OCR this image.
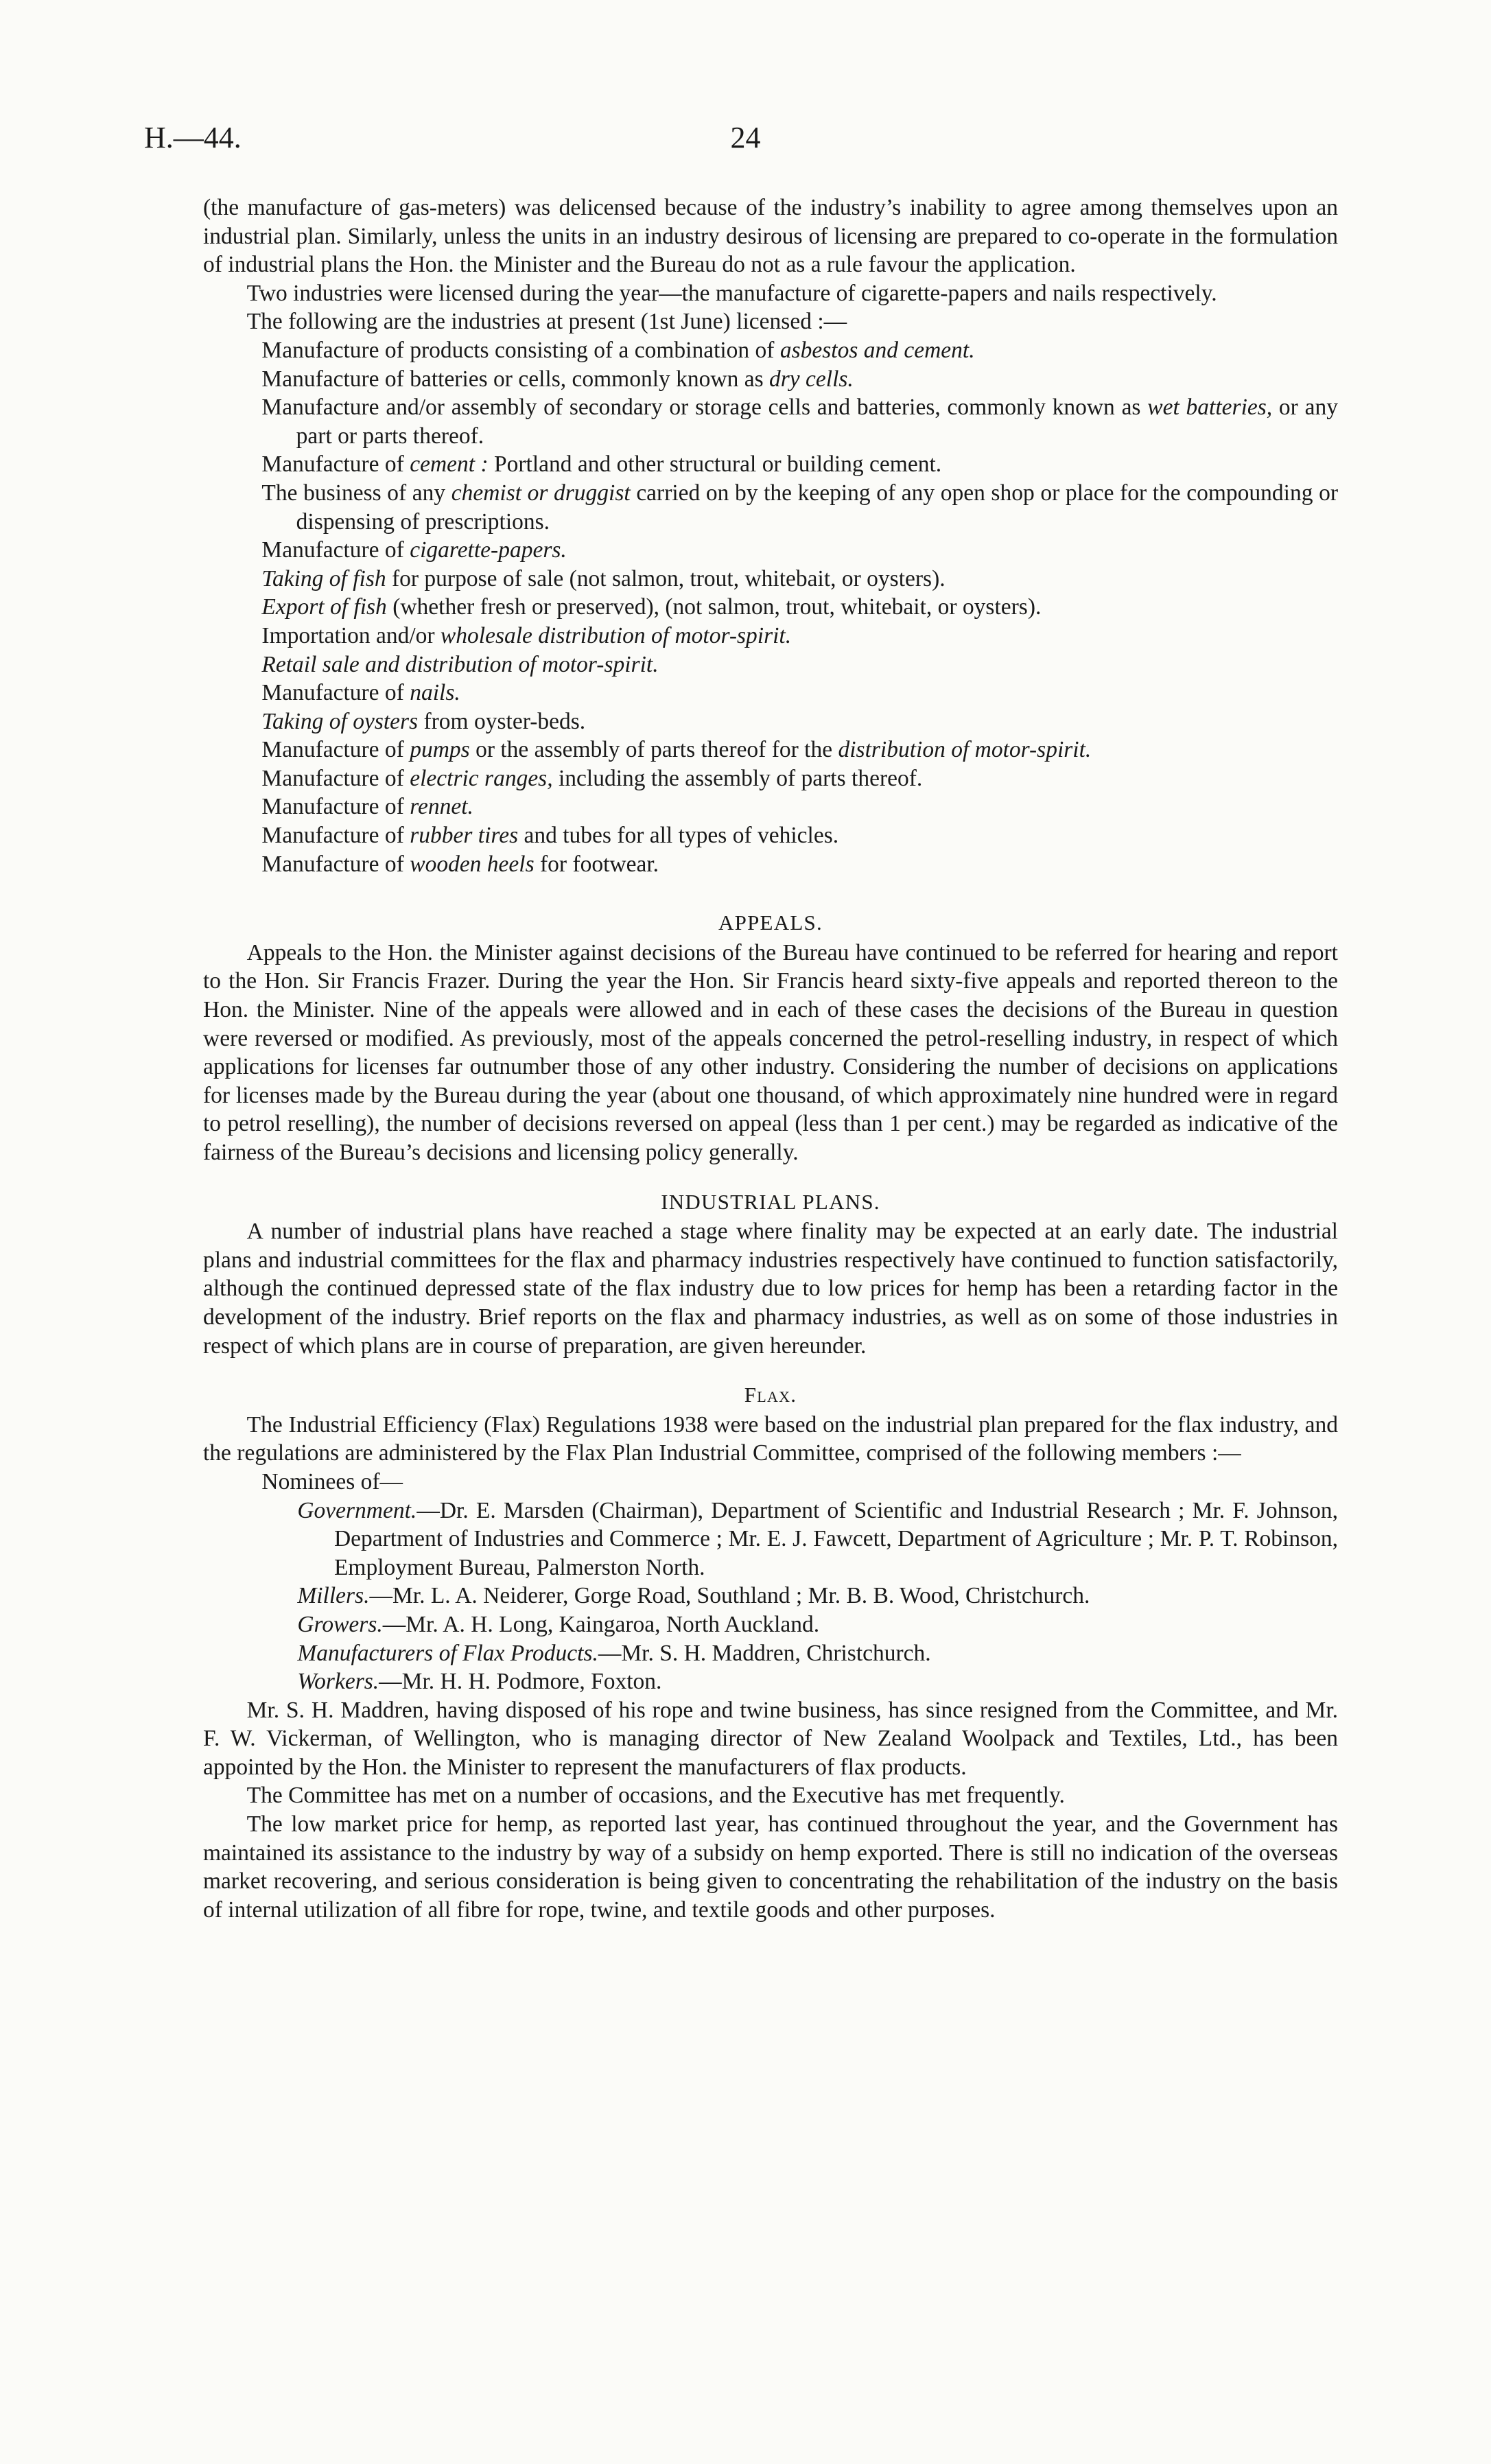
H.—44.	24

(the manufacture of gas-meters) was delicensed because of the industry’s inability to agree among themselves upon an industrial plan. Similarly, unless the units in an industry desirous of licensing are prepared to co-operate in the formulation of industrial plans the Hon. the Minister and the Bureau do not as a rule favour the application.

Two industries were licensed during the year—the manufacture of cigarette-papers and nails respectively.

The following are the industries at present (1st June) licensed :—

Manufacture of products consisting of a combination of asbestos and cement.
Manufacture of batteries or cells, commonly known as dry cells.
Manufacture and/or assembly of secondary or storage cells and batteries, commonly known as wet batteries, or any part or parts thereof.
Manufacture of cement : Portland and other structural or building cement.
The business of any chemist or druggist carried on by the keeping of any open shop or place for the compounding or dispensing of prescriptions.
Manufacture of cigarette-papers.
Taking of fish for purpose of sale (not salmon, trout, whitebait, or oysters).
Export of fish (whether fresh or preserved), (not salmon, trout, whitebait, or oysters).
Importation and/or wholesale distribution of motor-spirit.
Retail sale and distribution of motor-spirit.
Manufacture of nails.
Taking of oysters from oyster-beds.
Manufacture of pumps or the assembly of parts thereof for the distribution of motor-spirit.
Manufacture of electric ranges, including the assembly of parts thereof.
Manufacture of rennet.
Manufacture of rubber tires and tubes for all types of vehicles.
Manufacture of wooden heels for footwear.
APPEALS.

Appeals to the Hon. the Minister against decisions of the Bureau have continued to be referred for hearing and report to the Hon. Sir Francis Frazer. During the year the Hon. Sir Francis heard sixty-five appeals and reported thereon to the Hon. the Minister. Nine of the appeals were allowed and in each of these cases the decisions of the Bureau in question were reversed or modified. As previously, most of the appeals concerned the petrol-reselling industry, in respect of which applications for licenses far outnumber those of any other industry. Considering the number of decisions on applications for licenses made by the Bureau during the year (about one thousand, of which approximately nine hundred were in regard to petrol reselling), the number of decisions reversed on appeal (less than 1 per cent.) may be regarded as indicative of the fairness of the Bureau’s decisions and licensing policy generally.

INDUSTRIAL PLANS.

A number of industrial plans have reached a stage where finality may be expected at an early date. The industrial plans and industrial committees for the flax and pharmacy industries respectively have continued to function satisfactorily, although the continued depressed state of the flax industry due to low prices for hemp has been a retarding factor in the development of the industry. Brief reports on the flax and pharmacy industries, as well as on some of those industries in respect of which plans are in course of preparation, are given hereunder.

Flax.

The Industrial Efficiency (Flax) Regulations 1938 were based on the industrial plan prepared for the flax industry, and the regulations are administered by the Flax Plan Industrial Committee, comprised of the following members :—

Nominees of—
Government.—Dr. E. Marsden (Chairman), Department of Scientific and Industrial Research ; Mr. F. Johnson, Department of Industries and Commerce ; Mr. E. J. Fawcett, Department of Agriculture ; Mr. P. T. Robinson, Employment Bureau, Palmerston North.
Millers.—Mr. L. A. Neiderer, Gorge Road, Southland ; Mr. B. B. Wood, Christchurch.
Growers.—Mr. A. H. Long, Kaingaroa, North Auckland.
Manufacturers of Flax Products.—Mr. S. H. Maddren, Christchurch.
Workers.—Mr. H. H. Podmore, Foxton.

Mr. S. H. Maddren, having disposed of his rope and twine business, has since resigned from the Committee, and Mr. F. W. Vickerman, of Wellington, who is managing director of New Zealand Woolpack and Textiles, Ltd., has been appointed by the Hon. the Minister to represent the manufacturers of flax products.

The Committee has met on a number of occasions, and the Executive has met frequently.

The low market price for hemp, as reported last year, has continued throughout the year, and the Government has maintained its assistance to the industry by way of a subsidy on hemp exported. There is still no indication of the overseas market recovering, and serious consideration is being given to concentrating the rehabilitation of the industry on the basis of internal utilization of all fibre for rope, twine, and textile goods and other purposes.
